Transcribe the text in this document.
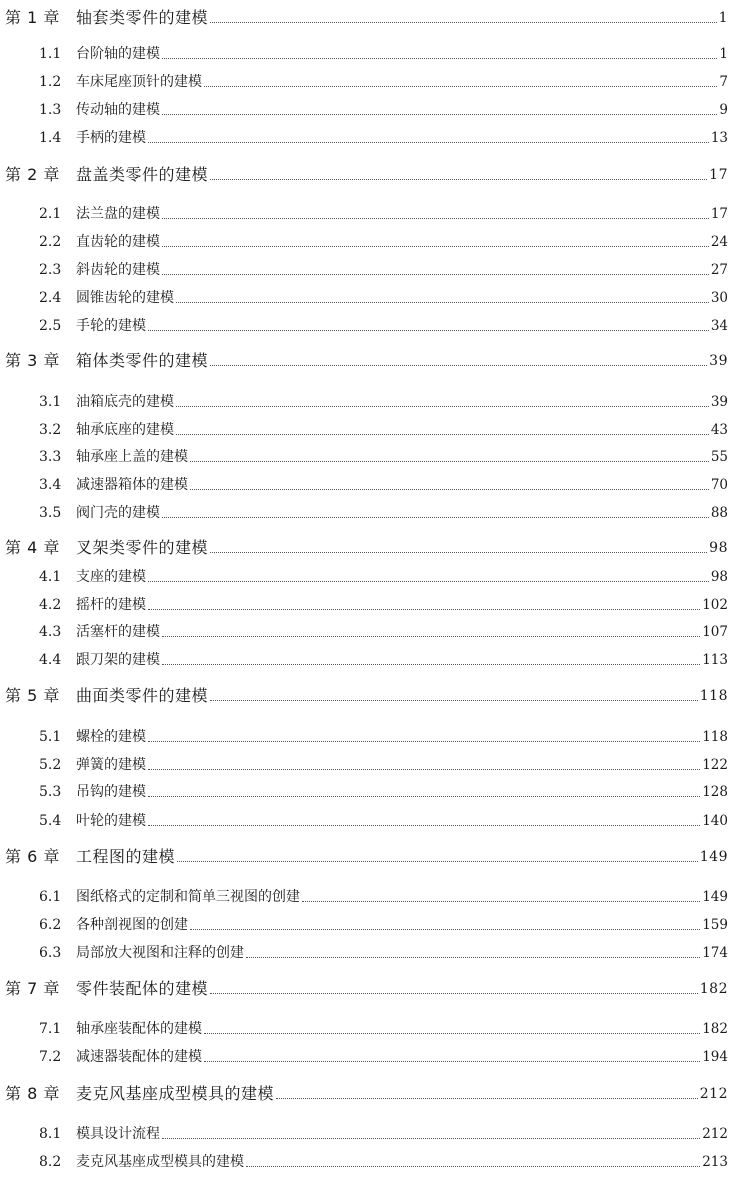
第 1 章	轴套类零件的建模	1
1.1	台阶轴的建模	1
1.2	车床尾座顶针的建模	7
1.3	传动轴的建模	9
1.4	手柄的建模	13
第 2 章	盘盖类零件的建模	17
2.1	法兰盘的建模	17
2.2	直齿轮的建模	24
2.3	斜齿轮的建模	27
2.4	圆锥齿轮的建模	30
2.5	手轮的建模	34
第 3 章	箱体类零件的建模	39
3.1	油箱底壳的建模	39
3.2	轴承底座的建模	43
3.3	轴承座上盖的建模	55
3.4	减速器箱体的建模	70
3.5	阀门壳的建模	88
第 4 章	叉架类零件的建模	98
4.1	支座的建模	98
4.2	摇杆的建模	102
4.3	活塞杆的建模	107
4.4	跟刀架的建模	113
第 5 章	曲面类零件的建模	118
5.1	螺栓的建模	118
5.2	弹簧的建模	122
5.3	吊钩的建模	128
5.4	叶轮的建模	140
第 6 章	工程图的建模	149
6.1	图纸格式的定制和简单三视图的创建	149
6.2	各种剖视图的创建	159
6.3	局部放大视图和注释的创建	174
第 7 章	零件装配体的建模	182
7.1	轴承座装配体的建模	182
7.2	减速器装配体的建模	194
第 8 章	麦克风基座成型模具的建模	212
8.1	模具设计流程	212
8.2	麦克风基座成型模具的建模	213
